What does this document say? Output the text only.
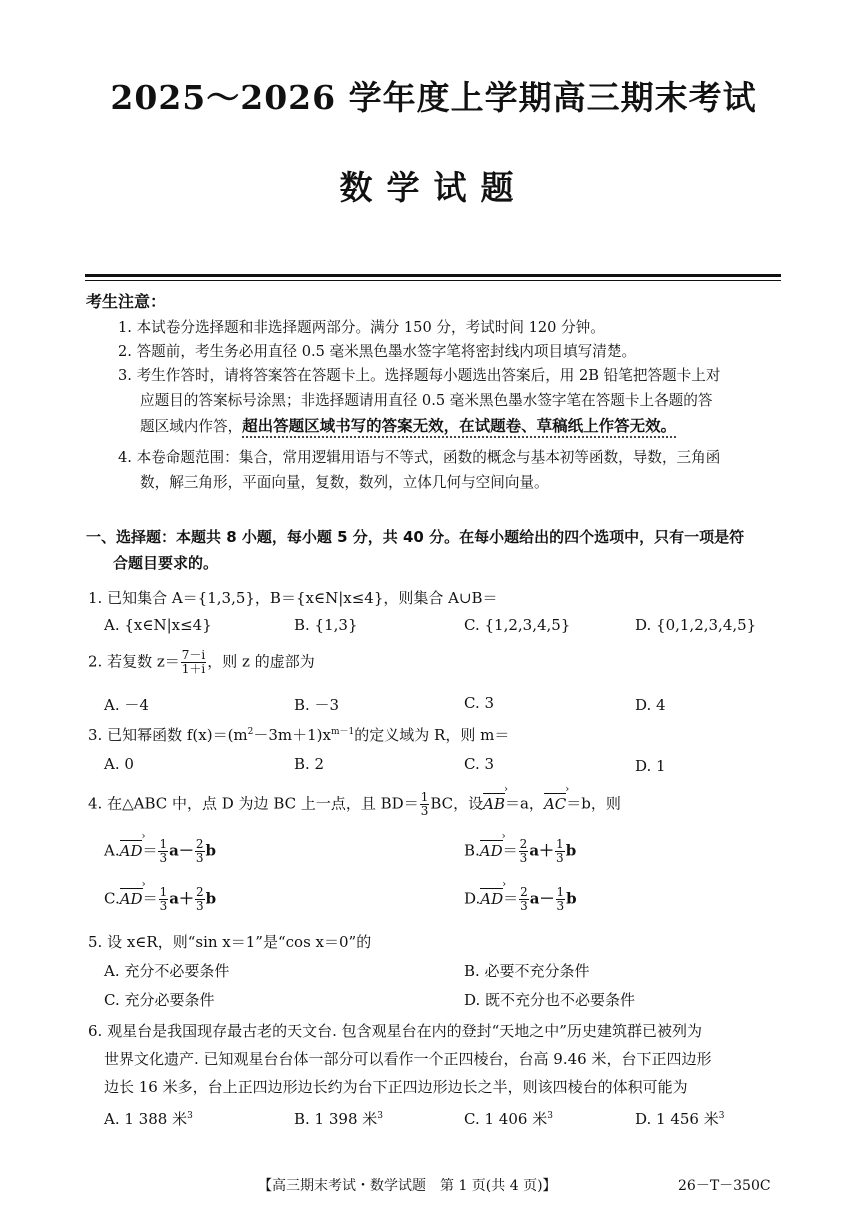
2025～2026 学年度上学期高三期末考试
数学试题
考生注意：
1. 本试卷分选择题和非选择题两部分。满分 150 分，考试时间 120 分钟。
2. 答题前，考生务必用直径 0.5 毫米黑色墨水签字笔将密封线内项目填写清楚。
3. 考生作答时，请将答案答在答题卡上。选择题每小题选出答案后，用 2B 铅笔把答题卡上对
应题目的答案标号涂黑；非选择题请用直径 0.5 毫米黑色墨水签字笔在答题卡上各题的答
题区域内作答，超出答题区域书写的答案无效，在试题卷、草稿纸上作答无效。
4. 本卷命题范围：集合，常用逻辑用语与不等式，函数的概念与基本初等函数，导数，三角函
数，解三角形，平面向量，复数，数列，立体几何与空间向量。
一、选择题：本题共 8 小题，每小题 5 分，共 40 分。在每小题给出的四个选项中，只有一项是符
合题目要求的。
1. 已知集合 A＝{1,3,5}，B＝{x∈N|x≤4}，则集合 A∪B＝
A. {x∈N|x≤4}	B. {1,3}	C. {1,2,3,4,5}	D. {0,1,2,3,4,5}
2. 若复数 $z= \frac{7-i}{1+i}$ ，则 z 的虚部为
A. －4	B. －3	C. 3	D. 4
3. 已知幂函数 $f(x)=(m^2-3m+1)x^{m-1}$的定义域为 R，则 m＝
A. 0	B. 2	C. 3	D. 1
4. 在△ABC 中，点 D 为边 BC 上一点，且 $BD= \frac{1}{3}$ BC，设AB ›＝a，AC ›＝b，则
A.AD ›＝ $\frac{1}{3} a- \frac{2}{3}$ b	B.AD ›＝ $\frac{2}{3} a+ \frac{1}{3}$ b
C.AD ›＝ $\frac{1}{3} a+ \frac{2}{3}$ b	D.AD ›＝ $\frac{2}{3} a- \frac{1}{3}$ b
5. 设 x∈R，则“sin x＝1”是“cos x＝0”的
A. 充分不必要条件	B. 必要不充分条件
C. 充分必要条件	D. 既不充分也不必要条件
6. 观星台是我国现存最古老的天文台. 包含观星台在内的登封“天地之中”历史建筑群已被列为
世界文化遗产. 已知观星台台体一部分可以看作一个正四棱台，台高 9.46 米，台下正四边形
边长 16 米多，台上正四边形边长约为台下正四边形边长之半，则该四棱台的体积可能为
A. 1 388 米$^3$	B. 1 398 米$^3$	C. 1 406 米$^3$	D. 1 456 米$^3$
【高三期末考试・数学试题　第 1 页(共 4 页)】	26－T－350C
